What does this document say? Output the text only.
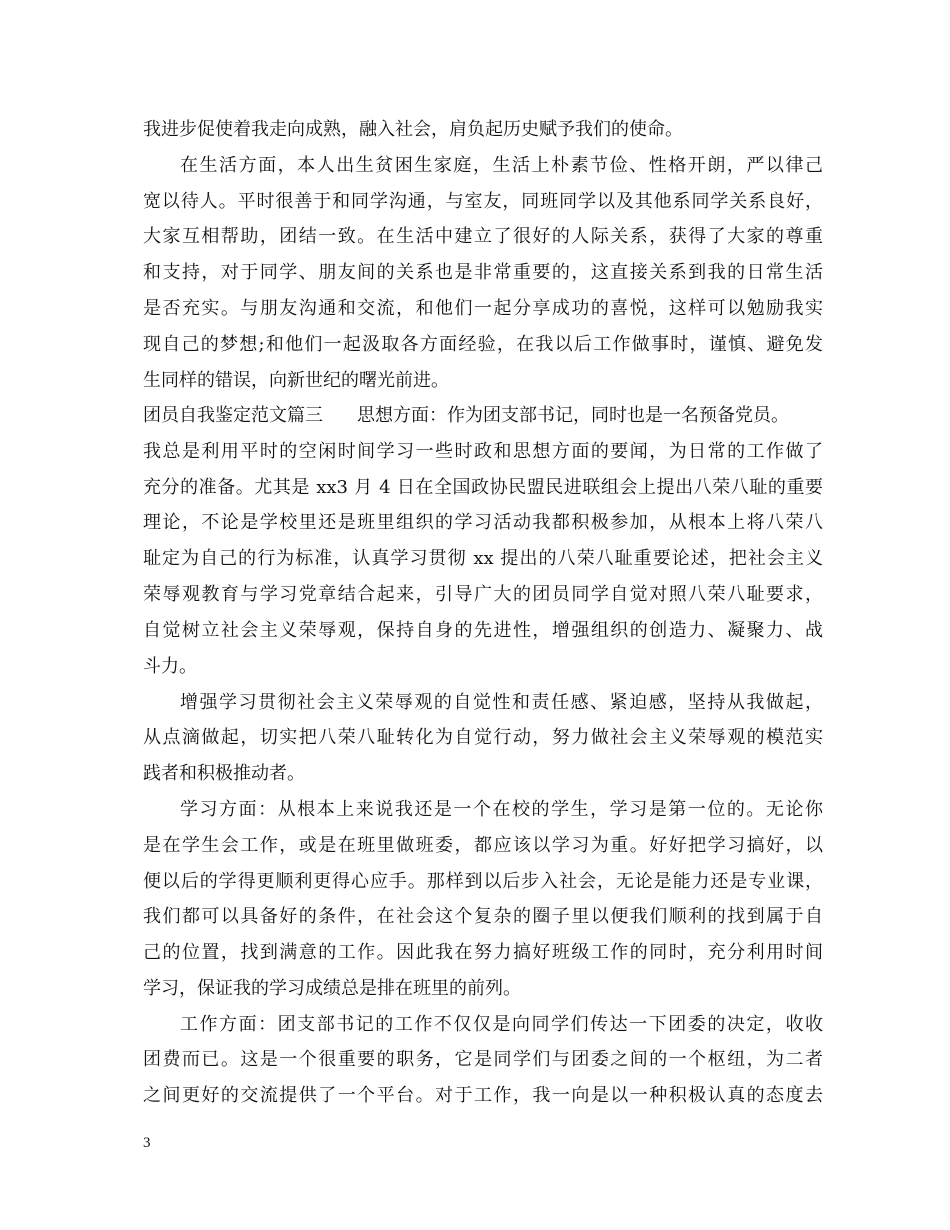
我进步促使着我走向成熟，融入社会，肩负起历史赋予我们的使命。
在生活方面，本人出生贫困生家庭，生活上朴素节俭、性格开朗，严以律己
宽以待人。平时很善于和同学沟通，与室友，同班同学以及其他系同学关系良好，
大家互相帮助，团结一致。在生活中建立了很好的人际关系，获得了大家的尊重
和支持，对于同学、朋友间的关系也是非常重要的，这直接关系到我的日常生活
是否充实。与朋友沟通和交流，和他们一起分享成功的喜悦，这样可以勉励我实
现自己的梦想;和他们一起汲取各方面经验，在我以后工作做事时，谨慎、避免发
生同样的错误，向新世纪的曙光前进。
团员自我鉴定范文篇三 思想方面：作为团支部书记，同时也是一名预备党员。
我总是利用平时的空闲时间学习一些时政和思想方面的要闻，为日常的工作做了
充分的准备。尤其是 xx3 月 4 日在全国政协民盟民进联组会上提出八荣八耻的重要
理论，不论是学校里还是班里组织的学习活动我都积极参加，从根本上将八荣八
耻定为自己的行为标准，认真学习贯彻 xx 提出的八荣八耻重要论述，把社会主义
荣辱观教育与学习党章结合起来，引导广大的团员同学自觉对照八荣八耻要求，
自觉树立社会主义荣辱观，保持自身的先进性，增强组织的创造力、凝聚力、战
斗力。
增强学习贯彻社会主义荣辱观的自觉性和责任感、紧迫感，坚持从我做起，
从点滴做起，切实把八荣八耻转化为自觉行动，努力做社会主义荣辱观的模范实
践者和积极推动者。
学习方面：从根本上来说我还是一个在校的学生，学习是第一位的。无论你
是在学生会工作，或是在班里做班委，都应该以学习为重。好好把学习搞好，以
便以后的学得更顺利更得心应手。那样到以后步入社会，无论是能力还是专业课，
我们都可以具备好的条件，在社会这个复杂的圈子里以便我们顺利的找到属于自
己的位置，找到满意的工作。因此我在努力搞好班级工作的同时，充分利用时间
学习，保证我的学习成绩总是排在班里的前列。
工作方面：团支部书记的工作不仅仅是向同学们传达一下团委的决定，收收
团费而已。这是一个很重要的职务，它是同学们与团委之间的一个枢纽，为二者
之间更好的交流提供了一个平台。对于工作，我一向是以一种积极认真的态度去
3
